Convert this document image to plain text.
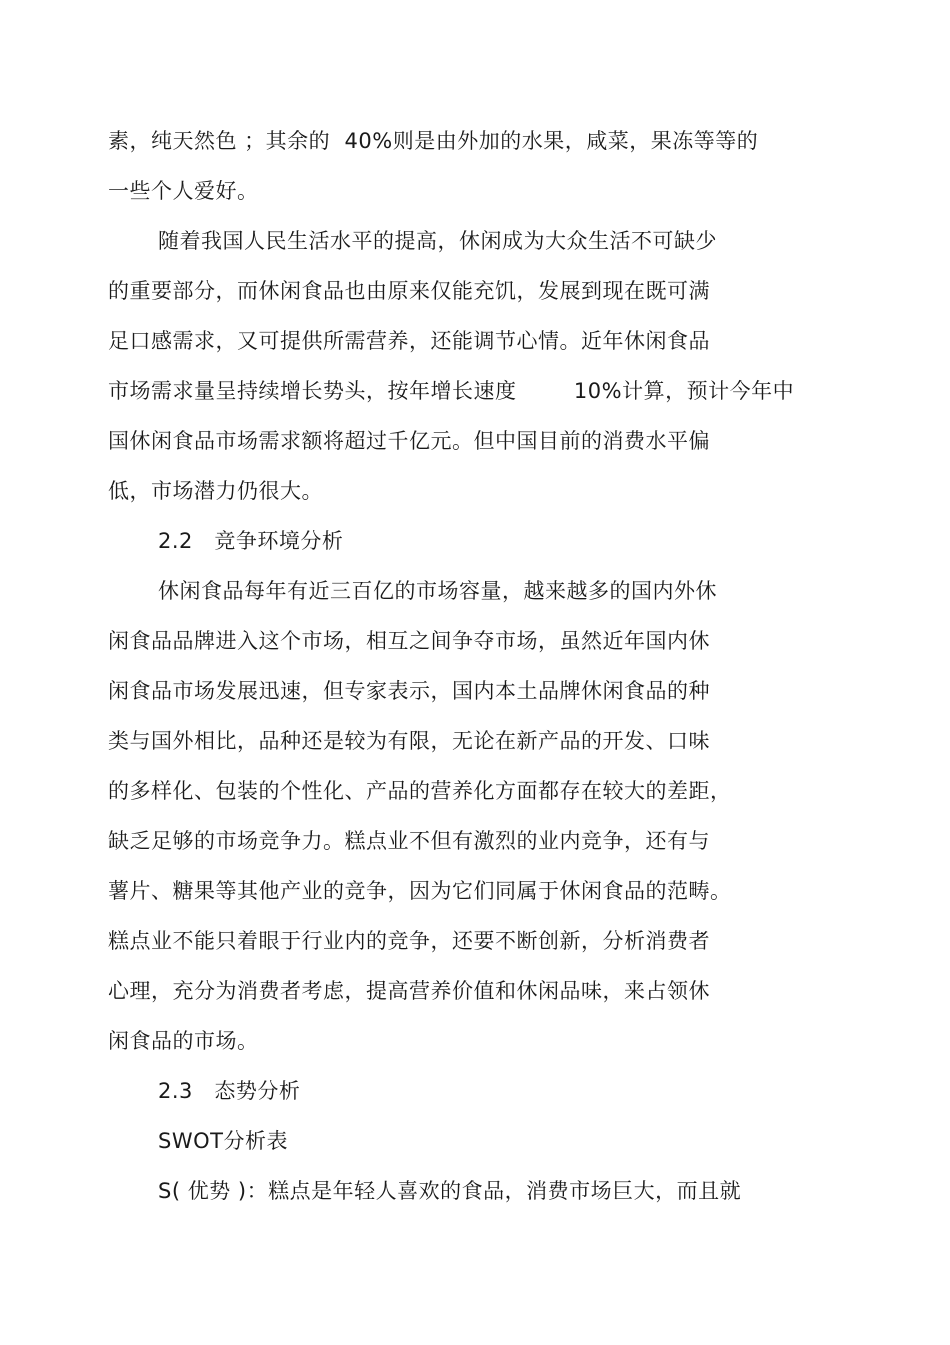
素，纯天然色 ；其余的  40%则是由外加的水果，咸菜，果冻等等的
一些个人爱好。
随着我国人民生活水平的提高，休闲成为大众生活不可缺少
的重要部分，而休闲食品也由原来仅能充饥，发展到现在既可满
足口感需求，又可提供所需营养，还能调节心情。近年休闲食品
市场需求量呈持续增长势头，按年增长速度        10%计算，预计今年中
国休闲食品市场需求额将超过千亿元。但中国目前的消费水平偏
低，市场潜力仍很大。
2.2   竞争环境分析
休闲食品每年有近三百亿的市场容量，越来越多的国内外休
闲食品品牌进入这个市场，相互之间争夺市场，虽然近年国内休
闲食品市场发展迅速，但专家表示，国内本土品牌休闲食品的种
类与国外相比，品种还是较为有限，无论在新产品的开发、口味
的多样化、包装的个性化、产品的营养化方面都存在较大的差距，
缺乏足够的市场竞争力。糕点业不但有激烈的业内竞争，还有与
薯片、糖果等其他产业的竞争，因为它们同属于休闲食品的范畴。
糕点业不能只着眼于行业内的竞争，还要不断创新，分析消费者
心理，充分为消费者考虑，提高营养价值和休闲品味，来占领休
闲食品的市场。
2.3   态势分析
SWOT分析表
S( 优势 )：糕点是年轻人喜欢的食品，消费市场巨大，而且就
